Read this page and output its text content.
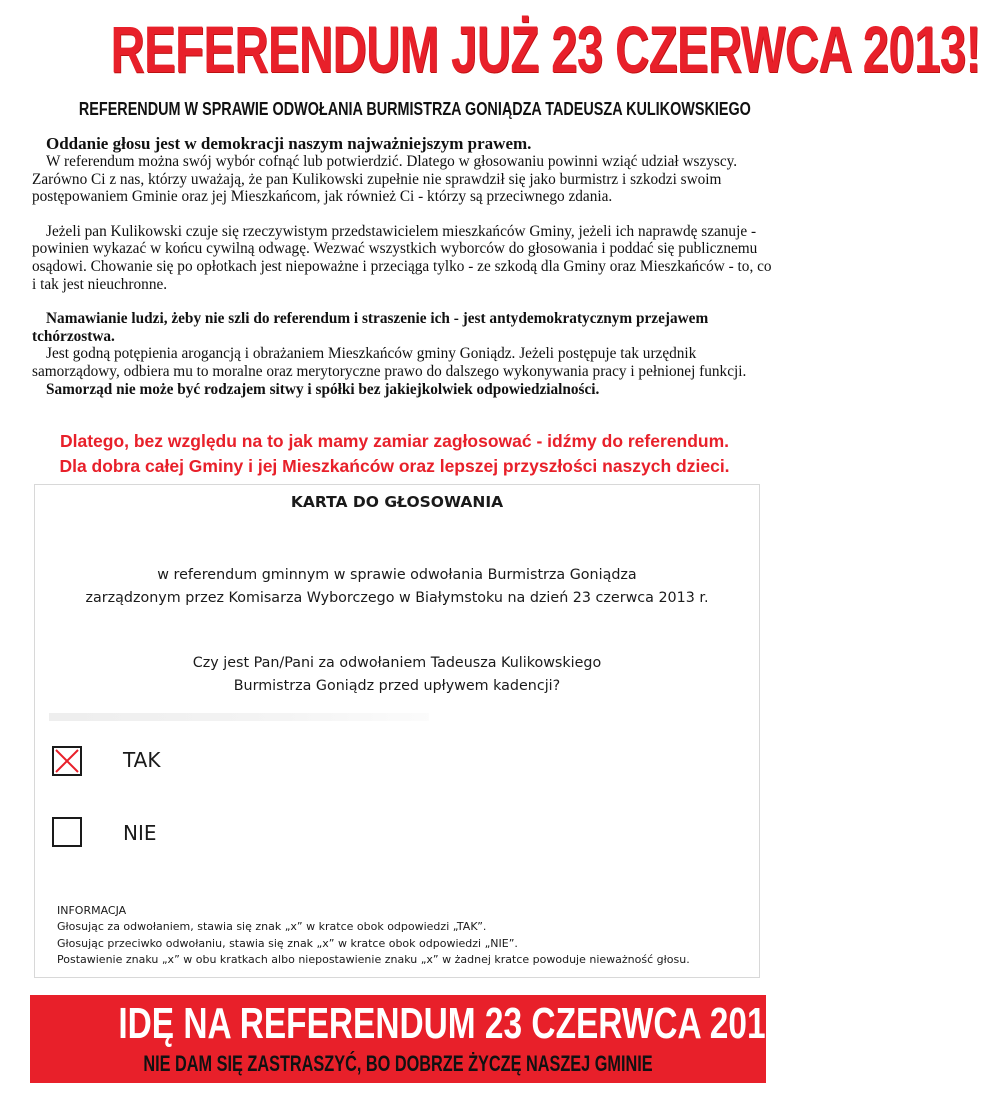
REFERENDUM JUŻ 23 CZERWCA 2013!
REFERENDUM W SPRAWIE ODWOŁANIA BURMISTRZA GONIĄDZA TADEUSZA KULIKOWSKIEGO

Oddanie głosu jest w demokracji naszym najważniejszym prawem.

W referendum można swój wybór cofnąć lub potwierdzić. Dlatego w głosowaniu powinni wziąć udział wszyscy. Zarówno Ci z nas, którzy uważają, że pan Kulikowski zupełnie nie sprawdził się jako burmistrz i szkodzi swoim postępowaniem Gminie oraz jej Mieszkańcom, jak również Ci - którzy są przeciwnego zdania.

Jeżeli pan Kulikowski czuje się rzeczywistym przedstawicielem mieszkańców Gminy, jeżeli ich naprawdę szanuje - powinien wykazać w końcu cywilną odwagę. Wezwać wszystkich wyborców do głosowania i poddać się publicznemu osądowi. Chowanie się po opłotkach jest niepoważne i przeciąga tylko - ze szkodą dla Gminy oraz Mieszkańców - to, co i tak jest nieuchronne.

Namawianie ludzi, żeby nie szli do referendum i straszenie ich - jest antydemokratycznym przejawem tchórzostwa.

Jest godną potępienia arogancją i obrażaniem Mieszkańców gminy Goniądz. Jeżeli postępuje tak urzędnik samorządowy, odbiera mu to moralne oraz merytoryczne prawo do dalszego wykonywania pracy i pełnionej funkcji.

Samorząd nie może być rodzajem sitwy i spółki bez jakiejkolwiek odpowiedzialności.

Dlatego, bez względu na to jak mamy zamiar zagłosować - idźmy do referendum.
Dla dobra całej Gminy i jej Mieszkańców oraz lepszej przyszłości naszych dzieci.
KARTA DO GŁOSOWANIA
w referendum gminnym w sprawie odwołania Burmistrza Goniądza
zarządzonym przez Komisarza Wyborczego w Białymstoku na dzień 23 czerwca 2013 r.
Czy jest Pan/Pani za odwołaniem Tadeusza Kulikowskiego
Burmistrza Goniądz przed upływem kadencji?
TAK
NIE

INFORMACJA

Głosując za odwołaniem, stawia się znak „x” w kratce obok odpowiedzi „TAK”.

Głosując przeciwko odwołaniu, stawia się znak „x” w kratce obok odpowiedzi „NIE”.

Postawienie znaku „x” w obu kratkach albo niepostawienie znaku „x” w żadnej kratce powoduje nieważność głosu.

IDĘ NA REFERENDUM 23 CZERWCA 2013
NIE DAM SIĘ ZASTRASZYĆ, BO DOBRZE ŻYCZĘ NASZEJ GMINIE
